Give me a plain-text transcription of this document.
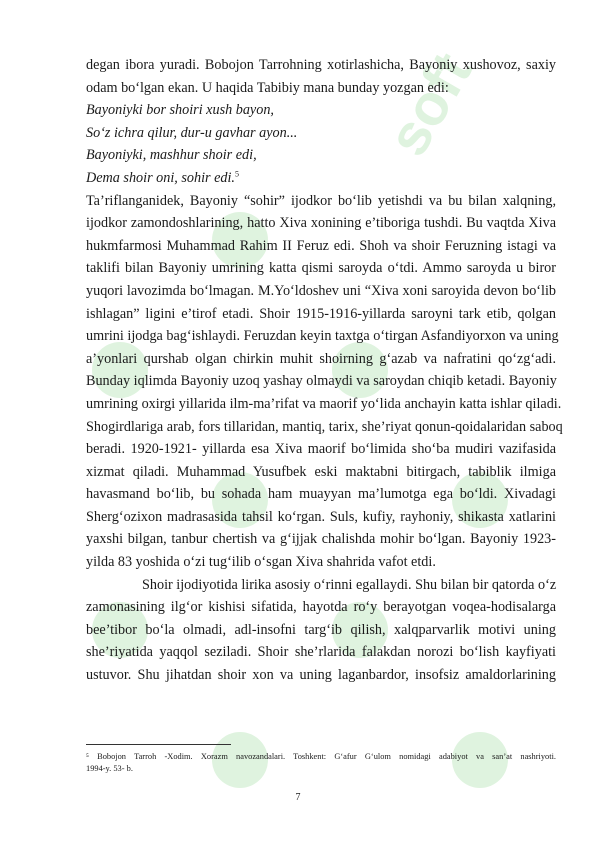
soft
degan ibora yuradi. Bobojon Tarrohning xotirlashicha, Bayoniy xushovoz, saxiy
odam bo‘lgan ekan. U haqida Tabibiy mana bunday yozgan edi:
Bayoniyki bor shoiri xush bayon,
So‘z ichra qilur, dur-u gavhar ayon...
Bayoniyki, mashhur shoir edi,
Dema shoir oni, sohir edi.$^5$
Ta’riflanganidek, Bayoniy “sohir” ijodkor bo‘lib yetishdi va bu bilan xalqning,
ijodkor zamondoshlarining, hatto Xiva xonining e’tiboriga tushdi. Bu vaqtda Xiva
hukmfarmosi Muhammad Rahim II Feruz edi. Shoh va shoir Feruzning istagi va
taklifi bilan Bayoniy umrining katta qismi saroyda o‘tdi. Ammo saroyda u biror
yuqori lavozimda bo‘lmagan. M.Yo‘ldoshev uni “Xiva xoni saroyida devon bo‘lib
ishlagan” ligini e’tirof etadi. Shoir 1915-1916-yillarda saroyni tark etib, qolgan
umrini ijodga bag‘ishlaydi. Feruzdan keyin taxtga o‘tirgan Asfandiyorxon va uning
a’yonlari qurshab olgan chirkin muhit shoirning g‘azab va nafratini qo‘zg‘adi.
Bunday iqlimda Bayoniy uzoq yashay olmaydi va saroydan chiqib ketadi. Bayoniy
umrining oxirgi yillarida ilm-ma’rifat va maorif yo‘lida anchayin katta ishlar qiladi.
Shogirdlariga arab, fors tillaridan, mantiq, tarix, she’riyat qonun-qoidalaridan saboq
beradi. 1920-1921- yillarda esa Xiva maorif bo‘limida sho‘ba mudiri vazifasida
xizmat qiladi. Muhammad Yusufbek eski maktabni bitirgach, tabiblik ilmiga
havasmand bo‘lib, bu sohada ham muayyan ma’lumotga ega bo‘ldi. Xivadagi
Sherg‘ozixon madrasasida tahsil ko‘rgan. Suls, kufiy, rayhoniy, shikasta xatlarini
yaxshi bilgan, tanbur chertish va g‘ijjak chalishda mohir bo‘lgan. Bayoniy 1923-
yilda 83 yoshida o‘zi tug‘ilib o‘sgan Xiva shahrida vafot etdi.
Shoir ijodiyotida lirika asosiy o‘rinni egallaydi. Shu bilan bir qatorda o‘z
zamonasining ilg‘or kishisi sifatida, hayotda ro‘y berayotgan voqea-hodisalarga
bee’tibor bo‘la olmadi, adl-insofni targ‘ib qilish, xalqparvarlik motivi uning
she’riyatida yaqqol seziladi. Shoir she’rlarida falakdan norozi bo‘lish kayfiyati
ustuvor. Shu jihatdan shoir xon va uning laganbardor, insofsiz amaldorlarining
⁵ Bobojon Tarroh -Xodim. Xorazm navozandalari. Toshkent: G‘afur G‘ulom nomidagi adabiyot va san’at nashriyoti.
1994-y. 53- b.
7
